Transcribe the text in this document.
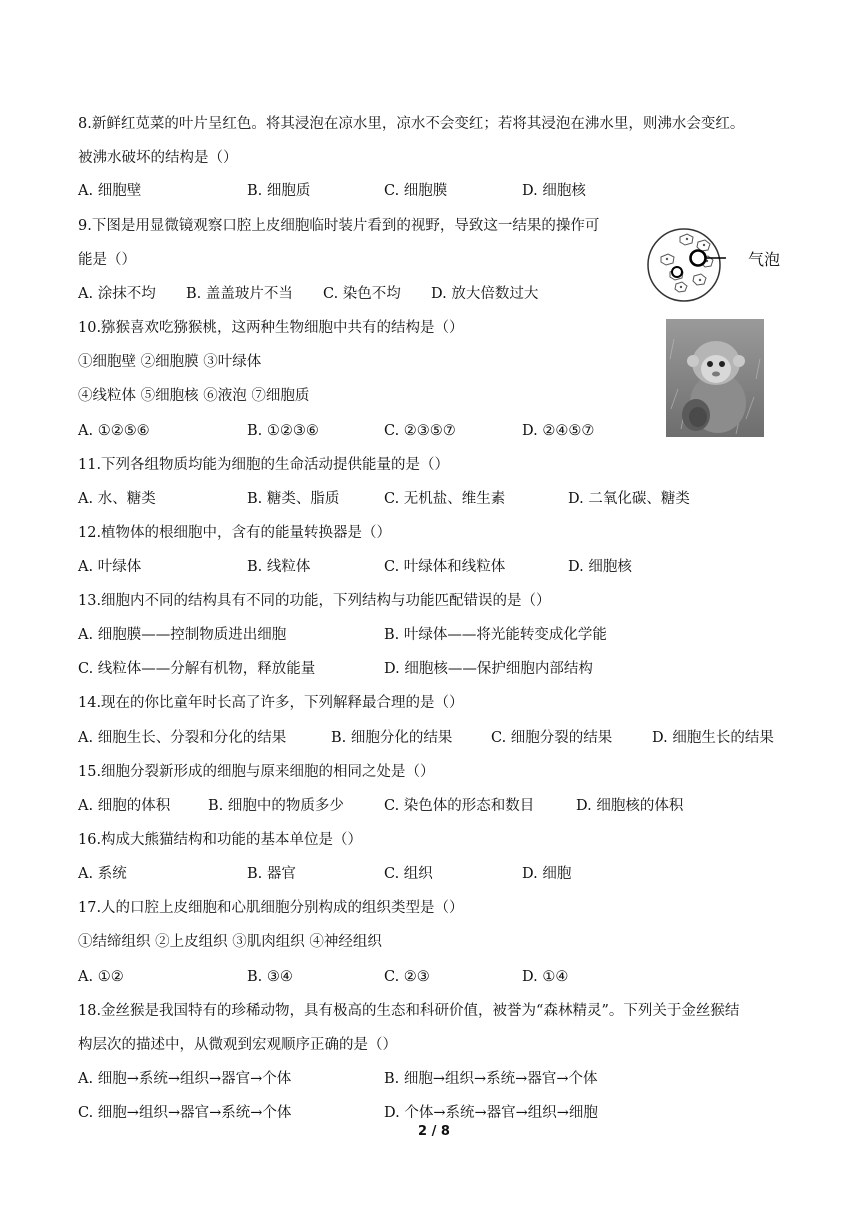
8.新鲜红苋菜的叶片呈红色。将其浸泡在凉水里，凉水不会变红；若将其浸泡在沸水里，则沸水会变红。
被沸水破坏的结构是（）
A. 细胞壁	B. 细胞质	C. 细胞膜	D. 细胞核
9.下图是用显微镜观察口腔上皮细胞临时装片看到的视野，导致这一结果的操作可
能是（）
A. 涂抹不均 B. 盖盖玻片不当 C. 染色不均 D. 放大倍数过大
气泡
10.猕猴喜欢吃猕猴桃，这两种生物细胞中共有的结构是（）
①细胞壁 ②细胞膜 ③叶绿体
④线粒体 ⑤细胞核 ⑥液泡 ⑦细胞质
A. ①②⑤⑥	B. ①②③⑥	C. ②③⑤⑦	D. ②④⑤⑦
11.下列各组物质均能为细胞的生命活动提供能量的是（）
A. 水、糖类	B. 糖类、脂质	C. 无机盐、维生素	D. 二氧化碳、糖类
12.植物体的根细胞中，含有的能量转换器是（）
A. 叶绿体	B. 线粒体	C. 叶绿体和线粒体	D. 细胞核
13.细胞内不同的结构具有不同的功能，下列结构与功能匹配错误的是（）
A. 细胞膜——控制物质进出细胞	B. 叶绿体——将光能转变成化学能
C. 线粒体——分解有机物，释放能量	D. 细胞核——保护细胞内部结构
14.现在的你比童年时长高了许多，下列解释最合理的是（）
A. 细胞生长、分裂和分化的结果	B. 细胞分化的结果	C. 细胞分裂的结果	D. 细胞生长的结果
15.细胞分裂新形成的细胞与原来细胞的相同之处是（）
A. 细胞的体积	B. 细胞中的物质多少	C. 染色体的形态和数目	D. 细胞核的体积
16.构成大熊猫结构和功能的基本单位是（）
A. 系统	B. 器官	C. 组织	D. 细胞
17.人的口腔上皮细胞和心肌细胞分别构成的组织类型是（）
①结缔组织 ②上皮组织 ③肌肉组织 ④神经组织
A. ①②	B. ③④	C. ②③	D. ①④
18.金丝猴是我国特有的珍稀动物，具有极高的生态和科研价值，被誉为“森林精灵”。下列关于金丝猴结
构层次的描述中，从微观到宏观顺序正确的是（）
A. 细胞→系统→组织→器官→个体	B. 细胞→组织→系统→器官→个体
C. 细胞→组织→器官→系统→个体	D. 个体→系统→器官→组织→细胞
2 / 8
